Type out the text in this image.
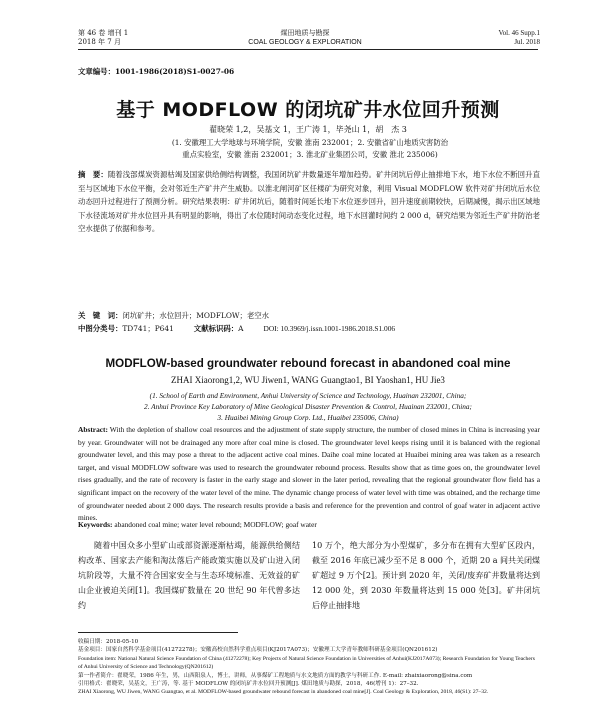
第 46 卷 增刊 1
2018 年 7 月
煤田地质与勘探
COAL GEOLOGY & EXPLORATION
Vol. 46 Supp.1
Jul. 2018
文章编号：1001-1986(2018)S1-0027-06
基于 MODFLOW 的闭坑矿井水位回升预测
翟晓荣 1,2，吴基文 1，王广涛 1，毕尧山 1，胡　杰 3
(1. 安徽理工大学地球与环境学院，安徽 淮南 232001；2. 安徽省矿山地质灾害防治
重点实验室，安徽 淮南 232001；3. 淮北矿业集团公司，安徽 淮北 235006)
摘　要：随着浅部煤炭资源枯竭及国家供给侧结构调整，我国闭坑矿井数量逐年增加趋势。矿井闭坑后停止抽排地下水，地下水位不断回升直至与区域地下水位平衡，会对邻近生产矿井产生威胁。以淮北闸河矿区任楼矿为研究对象，利用 Visual MODFLOW 软件对矿井闭坑后水位动态回升过程进行了预测分析。研究结果表明：矿井闭坑后，随着时间延长地下水位逐步回升，回升速度前期较快，后期减慢，揭示出区域地下水径流场对矿井水位回升具有明显的影响，得出了水位随时间动态变化过程，地下水回灌时间约 2 000 d，研究结果为邻近生产矿井防治老空水提供了依据和参考。
关　键　词：闭坑矿井；水位回升；MODFLOW；老空水
中图分类号：TD741；P641	文献标识码：A	DOI: 10.3969/j.issn.1001-1986.2018.S1.006
MODFLOW-based groundwater rebound forecast in abandoned coal mine
ZHAI Xiaorong1,2, WU Jiwen1, WANG Guangtao1, BI Yaoshan1, HU Jie3
(1. School of Earth and Environment, Anhui University of Science and Technology, Huainan 232001, China;
2. Anhui Province Key Laboratory of Mine Geological Disaster Prevention & Control, Huainan 232001, China;
3. Huaibei Mining Group Corp. Ltd., Huaibei 235006, China)
Abstract: With the depletion of shallow coal resources and the adjustment of state supply structure, the number of closed mines in China is increasing year by year. Groundwater will not be drainaged any more after coal mine is closed. The groundwater level keeps rising until it is balanced with the regional groundwater level, and this may pose a threat to the adjacent active coal mines. Daihe coal mine located at Huaibei mining area was taken as a research target, and visual MODFLOW software was used to research the groundwater rebound process. Results show that as time goes on, the groundwater level rises gradually, and the rate of recovery is faster in the early stage and slower in the later period, revealing that the regional groundwater flow field has a significant impact on the recovery of the water level of the mine. The dynamic change process of water level with time was obtained, and the recharge time of groundwater needed about 2 000 days. The research results provide a basis and reference for the prevention and control of goaf water in adjacent active mines.
Keywords: abandoned coal mine; water level rebound; MODFLOW; goaf water
随着中国众多小型矿山或部资源逐渐枯竭，能源供给侧结构改革、国家去产能和淘汰落后产能政策实施以及矿山进入闭坑阶段等，大量不符合国家安全与生态环境标准、无效益的矿山企业被迫关闭[1]。我国煤矿数量在 20 世纪 90 年代曾多达约
10 万个，绝大部分为小型煤矿，多分布在拥有大型矿区段内，截至 2016 年底已减少至不足 8 000 个，近期 20 a 间共关闭煤矿超过 9 万个[2]。预计到 2020 年，关闭/废弃矿井数量将达到 12 000 处，到 2030 年数量将达到 15 000 处[3]。矿井闭坑后停止抽排地
收稿日期：2018-05-10
基金项目：国家自然科学基金项目(41272278)；安徽高校自然科学重点项目(KJ2017A073)；安徽理工大学青年教师科研基金项目(QN201612)
Foundation item: National Natural Science Foundation of China (41272278); Key Projects of Natural Science Foundation in Universities of Anhui(KJ2017A073); Research Foundation for Young Teachers of Anhui University of Science and Technology(QN201612)
第一作者简介：翟晓荣，1986 年生，男，山西阳泉人，博士，讲师，从事煤矿工程地质与水文地质方面的教学与科研工作. E-mail: zhaixiaorong@sina.com
引用格式：翟晓荣，吴基文，王广涛，等. 基于 MODFLOW 的闭坑矿井水位回升预测[J]. 煤田地质与勘探，2018，46(增刊 1)：27–32.
ZHAI Xiaorong, WU Jiwen, WANG Guangtao, et al. MODFLOW-based groundwater rebound forecast in abandoned coal mine[J]. Coal Geology & Exploration, 2018, 46(S1): 27–32.
